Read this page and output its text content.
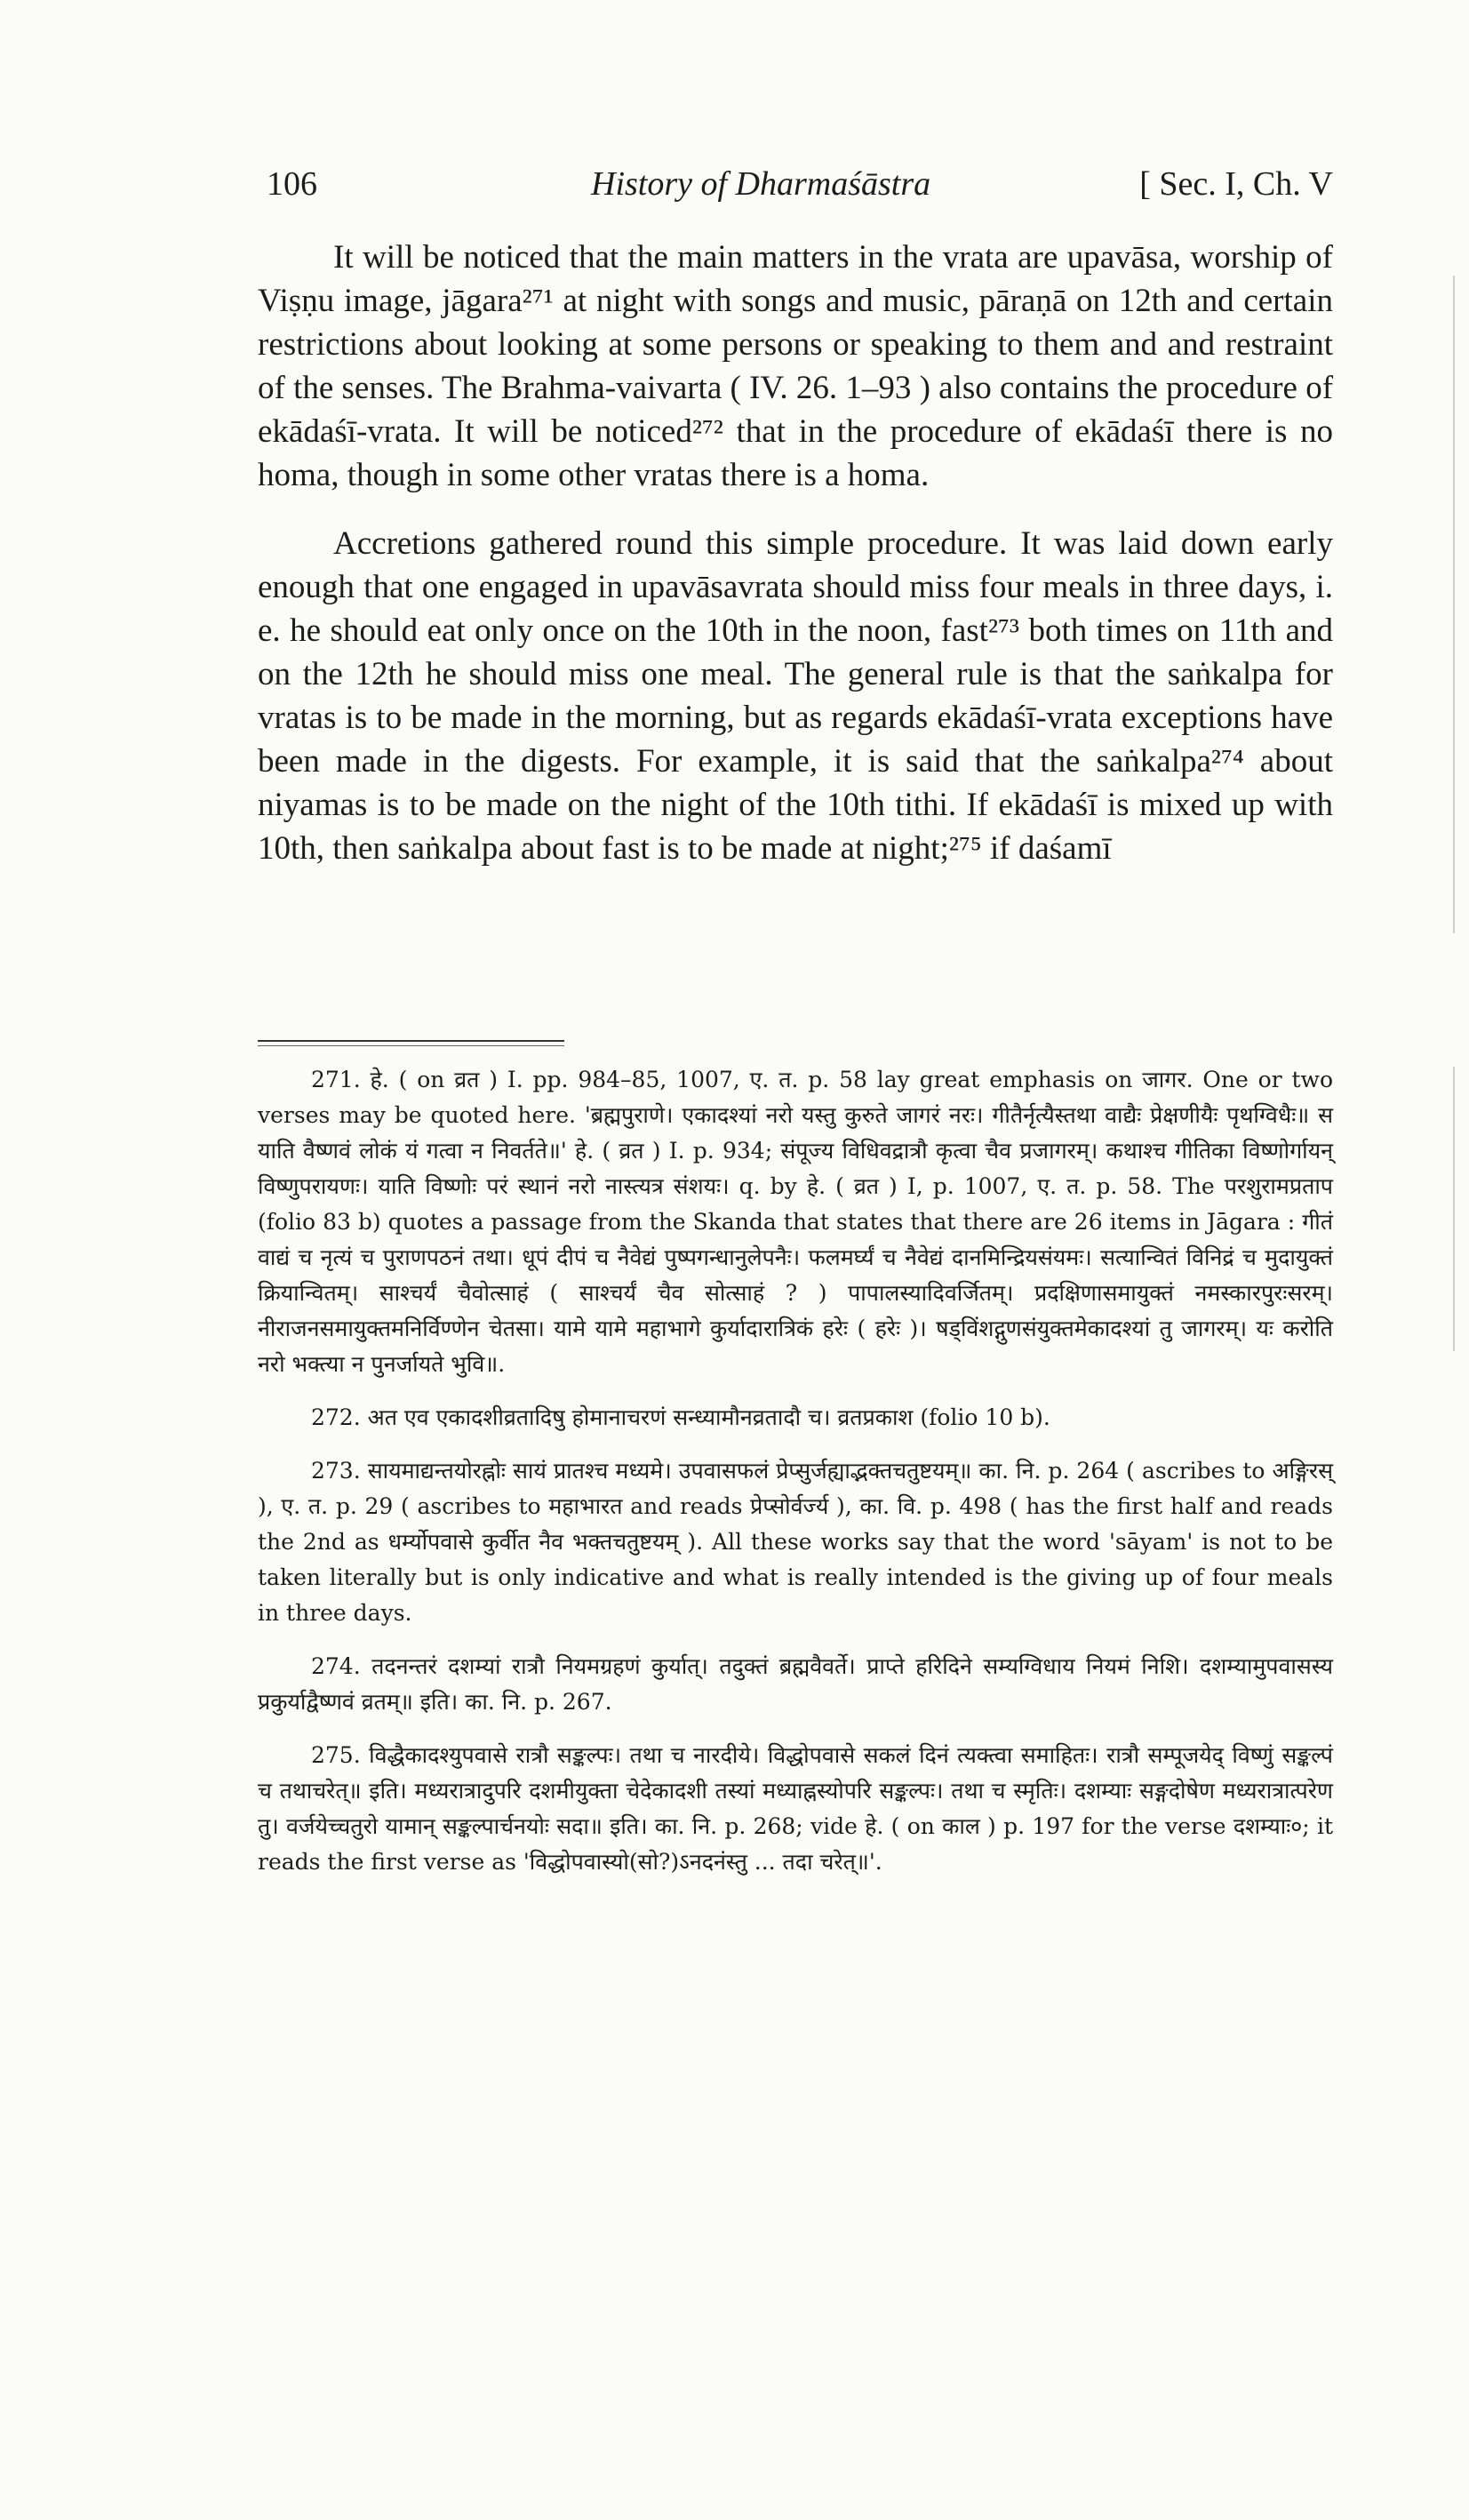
106	History of Dharmaśāstra	[ Sec. I, Ch. V

It will be noticed that the main matters in the vrata are upavāsa, worship of Viṣṇu image, jāgara²⁷¹ at night with songs and music, pāraṇā on 12th and certain restrictions about looking at some persons or speaking to them and and restraint of the senses. The Brahma-vaivarta ( IV. 26. 1–93 ) also contains the procedure of ekādaśī-vrata. It will be noticed²⁷² that in the procedure of ekādaśī there is no homa, though in some other vratas there is a homa.

Accretions gathered round this simple procedure. It was laid down early enough that one engaged in upavāsavrata should miss four meals in three days, i. e. he should eat only once on the 10th in the noon, fast²⁷³ both times on 11th and on the 12th he should miss one meal. The general rule is that the saṅkalpa for vratas is to be made in the morning, but as regards ekādaśī-vrata exceptions have been made in the digests. For example, it is said that the saṅkalpa²⁷⁴ about niyamas is to be made on the night of the 10th tithi. If ekādaśī is mixed up with 10th, then saṅkalpa about fast is to be made at night;²⁷⁵ if daśamī

271. हे. ( on व्रत ) I. pp. 984–85, 1007, ए. त. p. 58 lay great emphasis on जागर. One or two verses may be quoted here. 'ब्रह्मपुराणे। एकादश्यां नरो यस्तु कुरुते जागरं नरः। गीतैर्नृत्यैस्तथा वाद्यैः प्रेक्षणीयैः पृथग्विधैः॥ स याति वैष्णवं लोकं यं गत्वा न निवर्तते॥' हे. ( व्रत ) I. p. 934; संपूज्य विधिवद्रात्रौ कृत्वा चैव प्रजागरम्। कथाश्च गीतिका विष्णोर्गायन् विष्णुपरायणः। याति विष्णोः परं स्थानं नरो नास्त्यत्र संशयः। q. by हे. ( व्रत ) I, p. 1007, ए. त. p. 58. The परशुरामप्रताप (folio 83 b) quotes a passage from the Skanda that states that there are 26 items in Jāgara : गीतं वाद्यं च नृत्यं च पुराणपठनं तथा। धूपं दीपं च नैवेद्यं पुष्पगन्धानुलेपनैः। फलमर्घ्यं च नैवेद्यं दानमिन्द्रियसंयमः। सत्यान्वितं विनिद्रं च मुदायुक्तं क्रियान्वितम्। साश्चर्यं चैवोत्साहं ( साश्चर्यं चैव सोत्साहं ? ) पापालस्यादिवर्जितम्। प्रदक्षिणासमायुक्तं नमस्कारपुरःसरम्। नीराजनसमायुक्तमनिर्विण्णेन चेतसा। यामे यामे महाभागे कुर्यादारात्रिकं हरेः ( हरेः )। षड्विंशद्गुणसंयुक्तमेकादश्यां तु जागरम्। यः करोति नरो भक्त्या न पुनर्जायते भुवि॥.

272. अत एव एकादशीव्रतादिषु होमानाचरणं सन्ध्यामौनव्रतादौ च। व्रतप्रकाश (folio 10 b).

273. सायमाद्यन्तयोरह्नोः सायं प्रातश्च मध्यमे। उपवासफलं प्रेप्सुर्जह्याद्भक्तचतुष्टयम्॥ का. नि. p. 264 ( ascribes to अङ्गिरस् ), ए. त. p. 29 ( ascribes to महाभारत and reads प्रेप्सोर्वर्ज्य ), का. वि. p. 498 ( has the first half and reads the 2nd as धर्म्योपवासे कुर्वीत नैव भक्तचतुष्टयम् ). All these works say that the word 'sāyam' is not to be taken literally but is only indicative and what is really intended is the giving up of four meals in three days.

274. तदनन्तरं दशम्यां रात्रौ नियमग्रहणं कुर्यात्। तदुक्तं ब्रह्मवैवर्ते। प्राप्ते हरिदिने सम्यग्विधाय नियमं निशि। दशम्यामुपवासस्य प्रकुर्याद्वैष्णवं व्रतम्॥ इति। का. नि. p. 267.

275. विद्धैकादश्युपवासे रात्रौ सङ्कल्पः। तथा च नारदीये। विद्धोपवासे सकलं दिनं त्यक्त्वा समाहितः। रात्रौ सम्पूजयेद् विष्णुं सङ्कल्पं च तथाचरेत्॥ इति। मध्यरात्रादुपरि दशमीयुक्ता चेदेकादशी तस्यां मध्याह्नस्योपरि सङ्कल्पः। तथा च स्मृतिः। दशम्याः सङ्गदोषेण मध्यरात्रात्परेण तु। वर्जयेच्चतुरो यामान् सङ्कल्पार्चनयोः सदा॥ इति। का. नि. p. 268; vide हे. ( on काल ) p. 197 for the verse दशम्याः०; it reads the first verse as 'विद्धोपवास्यो(सो?)ऽनदनंस्तु ... तदा चरेत्॥'.
